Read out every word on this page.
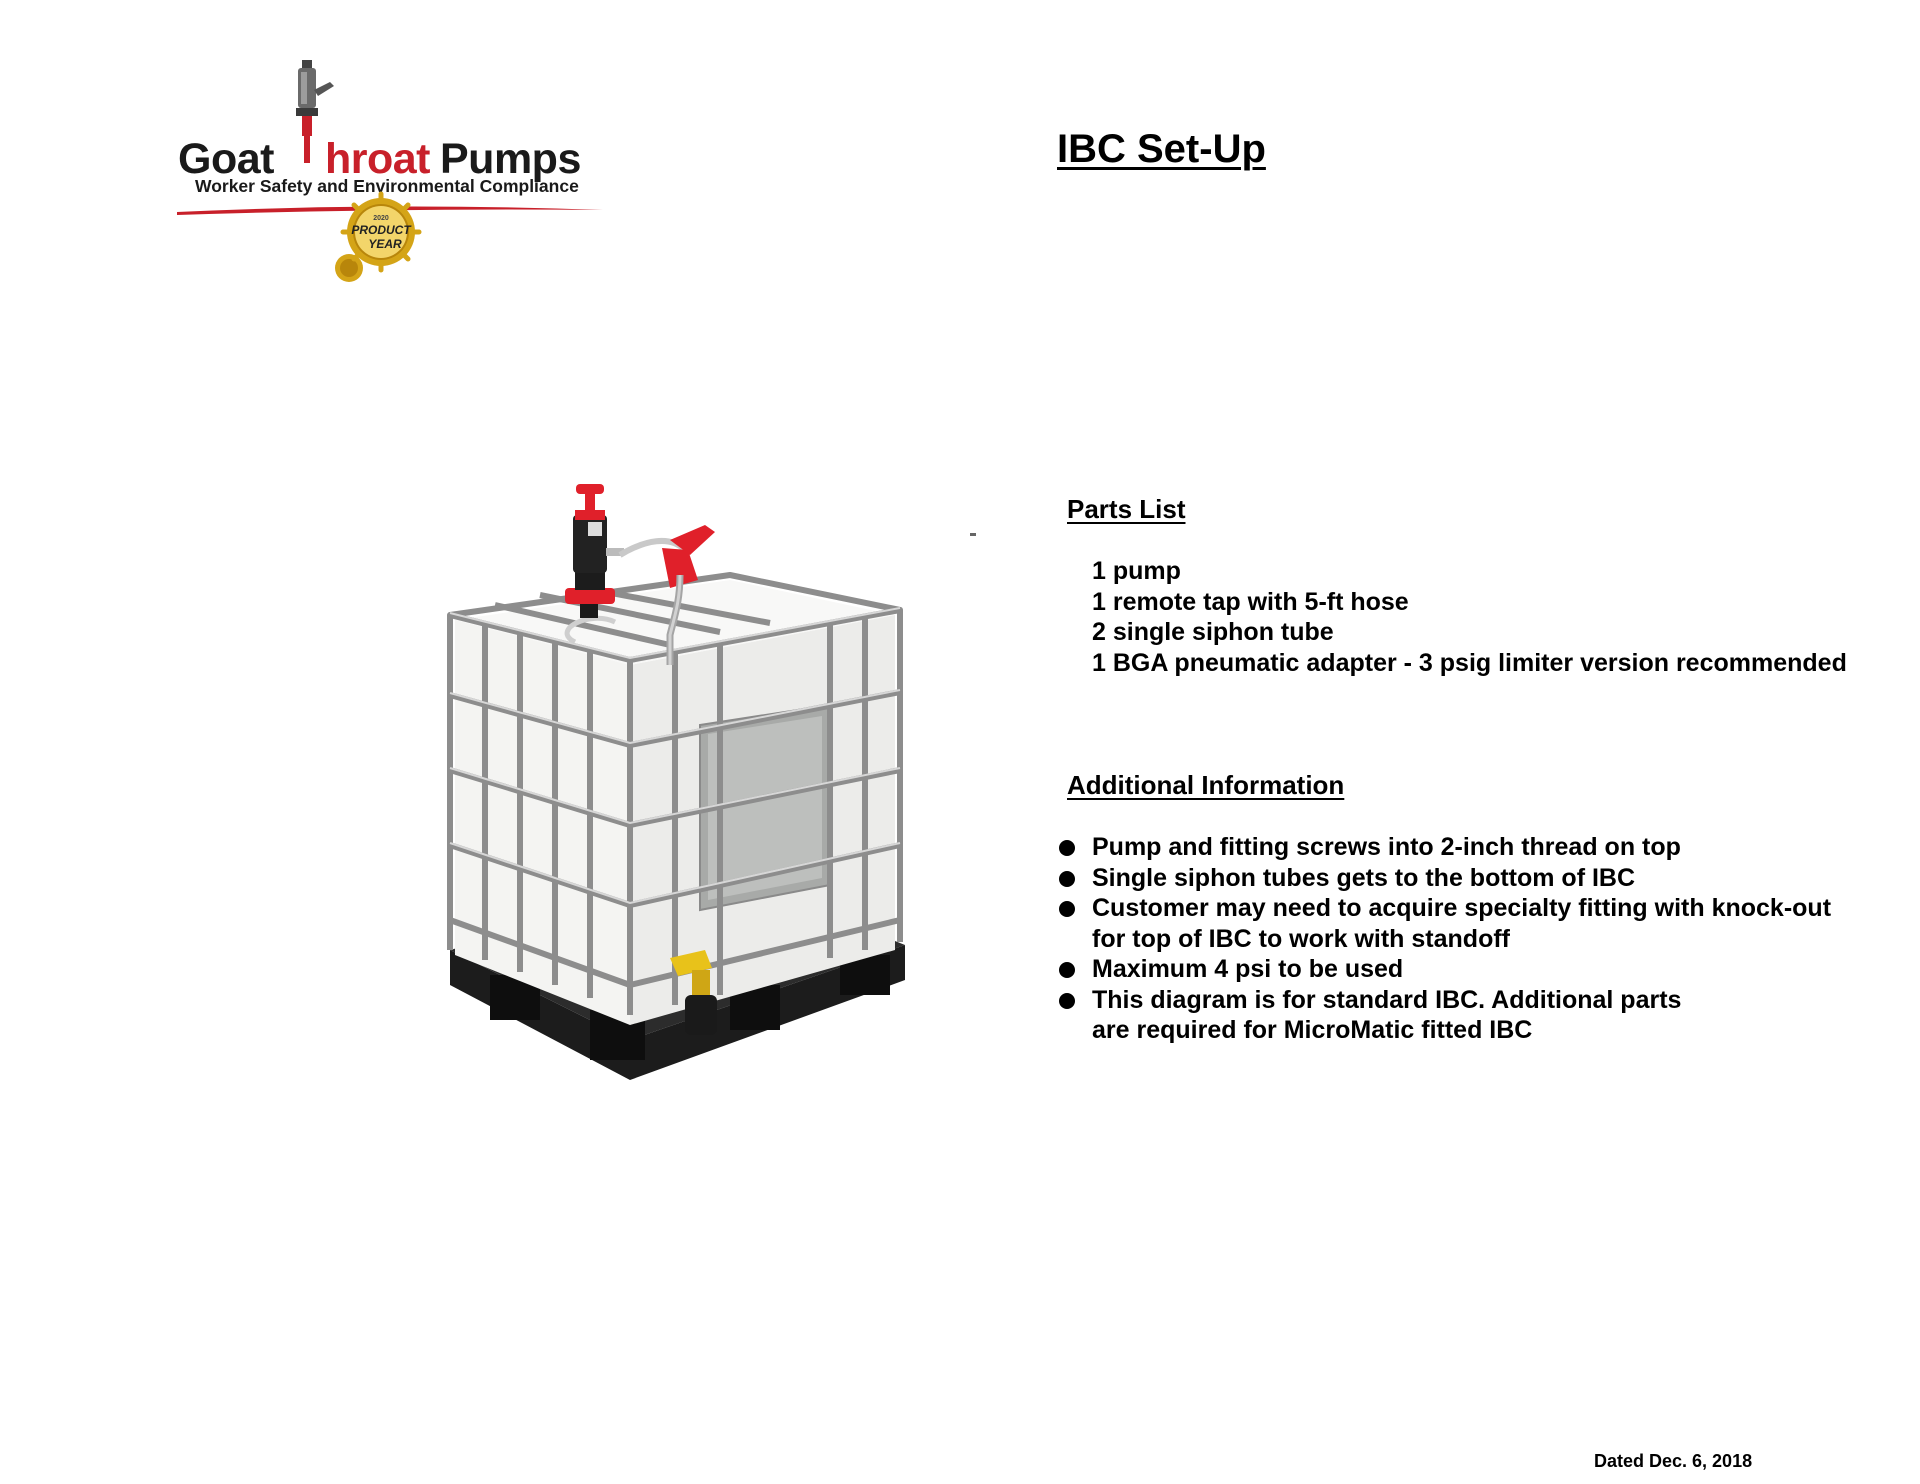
Goat hroat Pumps
Worker Safety and Environmental Compliance
2020
PRODUCT
YEAR
IBC Set-Up
Parts List
1 pump
1 remote tap with 5-ft hose
2 single siphon tube
1 BGA pneumatic adapter - 3 psig limiter version recommended
Additional Information
Pump and fitting screws into 2-inch thread on top
Single siphon tubes gets to the bottom of IBC
Customer may need to acquire specialty fitting with knock-out
for top of IBC to work with standoff
Maximum 4 psi to be used
This diagram is for standard IBC. Additional parts
are required for MicroMatic fitted IBC
Dated Dec. 6, 2018
